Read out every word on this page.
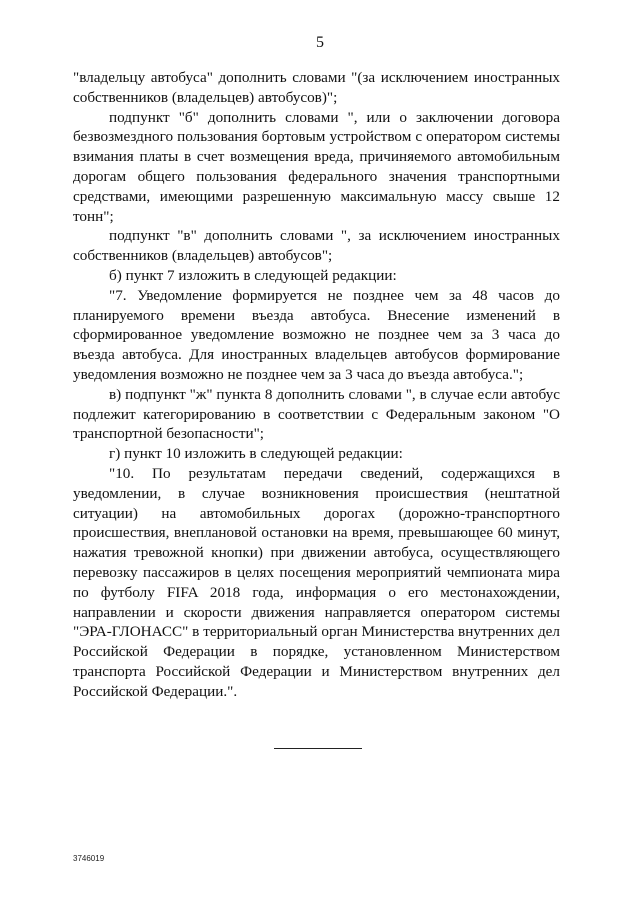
5

"владельцу автобуса" дополнить словами "(за исключением иностранных собственников (владельцев) автобусов)";

подпункт "б" дополнить словами ", или о заключении договора безвозмездного пользования бортовым устройством с оператором системы взимания платы в счет возмещения вреда, причиняемого автомобильным дорогам общего пользования федерального значения транспортными средствами, имеющими разрешенную максимальную массу свыше 12 тонн";

подпункт "в" дополнить словами ", за исключением иностранных собственников (владельцев) автобусов";

б) пункт 7 изложить в следующей редакции:

"7. Уведомление формируется не позднее чем за 48 часов до планируемого времени въезда автобуса. Внесение изменений в сформированное уведомление возможно не позднее чем за 3 часа до въезда автобуса. Для иностранных владельцев автобусов формирование уведомления возможно не позднее чем за 3 часа до въезда автобуса.";

в) подпункт "ж" пункта 8 дополнить словами ", в случае если автобус подлежит категорированию в соответствии с Федеральным законом "О транспортной безопасности";

г) пункт 10 изложить в следующей редакции:

"10. По результатам передачи сведений, содержащихся в уведомлении, в случае возникновения происшествия (нештатной ситуации) на автомобильных дорогах (дорожно-транспортного происшествия, внеплановой остановки на время, превышающее 60 минут, нажатия тревожной кнопки) при движении автобуса, осуществляющего перевозку пассажиров в целях посещения мероприятий чемпионата мира по футболу FIFA 2018 года, информация о его местонахождении, направлении и скорости движения направляется оператором системы "ЭРА-ГЛОНАСС" в территориальный орган Министерства внутренних дел Российской Федерации в порядке, установленном Министерством транспорта Российской Федерации и Министерством внутренних дел Российской Федерации.".

3746019
